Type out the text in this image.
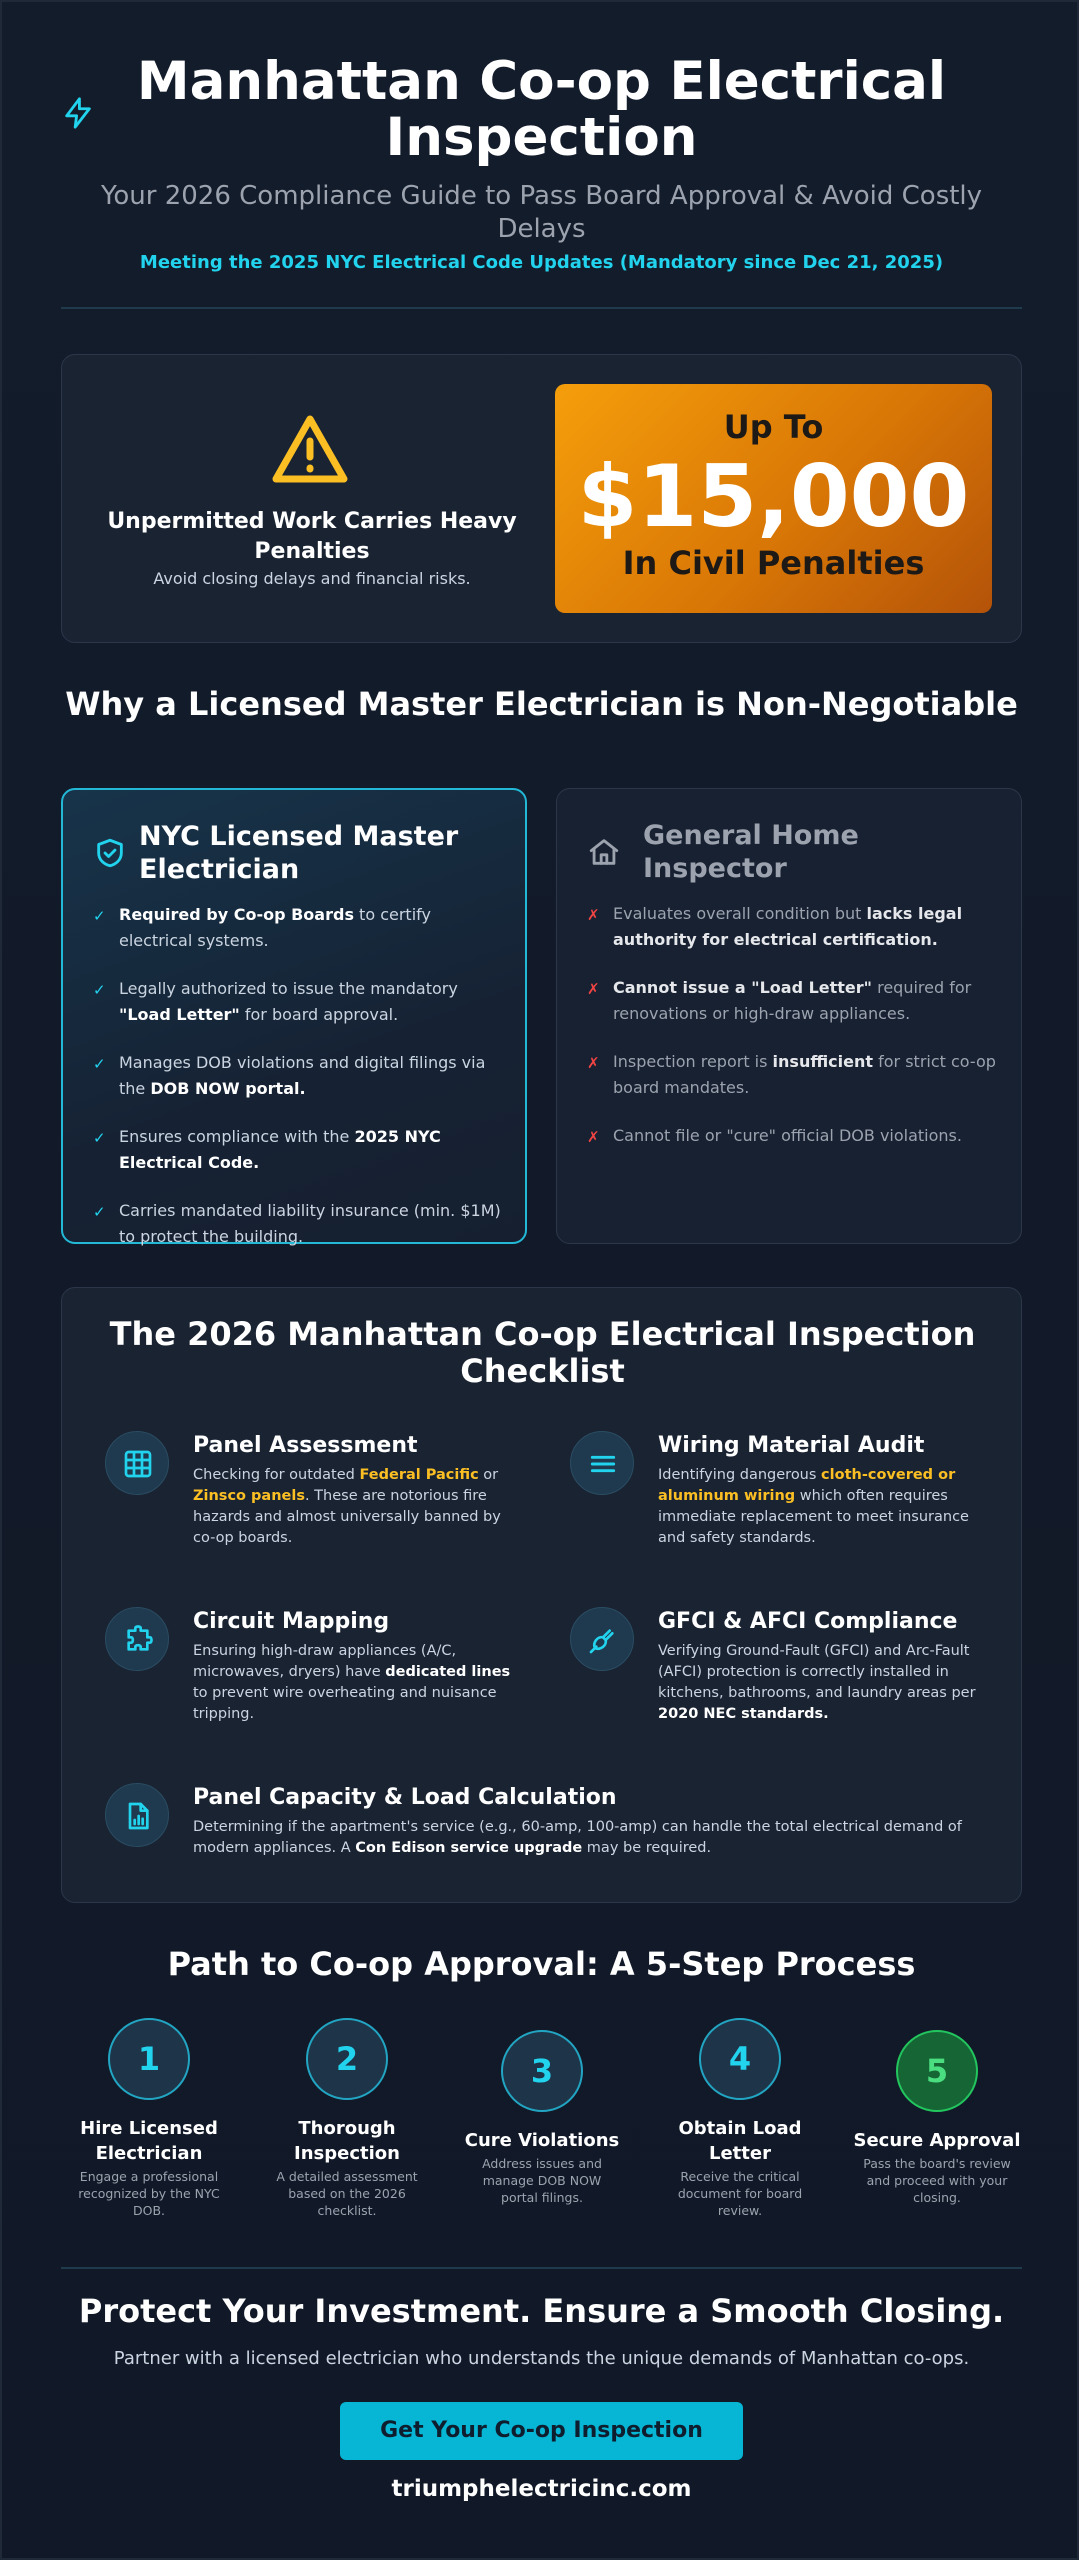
Manhattan Co-op Electrical Inspection
Your 2026 Compliance Guide to Pass Board Approval & Avoid Costly Delays
Meeting the 2025 NYC Electrical Code Updates (Mandatory since Dec 21, 2025)
Unpermitted Work Carries Heavy Penalties
Avoid closing delays and financial risks.
Up To
$15,000
In Civil Penalties
Why a Licensed Master Electrician is Non-Negotiable
NYC Licensed Master Electrician
✓ Required by Co-op Boards to certify electrical systems.
✓ Legally authorized to issue the mandatory "Load Letter" for board approval.
✓ Manages DOB violations and digital filings via the DOB NOW portal.
✓ Ensures compliance with the 2025 NYC Electrical Code.
✓ Carries mandated liability insurance (min. $1M) to protect the building.
General Home Inspector
✗ Evaluates overall condition but lacks legal authority for electrical certification.
✗ Cannot issue a "Load Letter" required for renovations or high-draw appliances.
✗ Inspection report is insufficient for strict co-op board mandates.
✗ Cannot file or "cure" official DOB violations.
The 2026 Manhattan Co-op Electrical Inspection Checklist
Panel Assessment
Checking for outdated Federal Pacific or Zinsco panels. These are notorious fire hazards and almost universally banned by co-op boards.
Wiring Material Audit
Identifying dangerous cloth-covered or aluminum wiring which often requires immediate replacement to meet insurance and safety standards.
Circuit Mapping
Ensuring high-draw appliances (A/C, microwaves, dryers) have dedicated lines to prevent wire overheating and nuisance tripping.
GFCI & AFCI Compliance
Verifying Ground-Fault (GFCI) and Arc-Fault (AFCI) protection is correctly installed in kitchens, bathrooms, and laundry areas per 2020 NEC standards.
Panel Capacity & Load Calculation
Determining if the apartment's service (e.g., 60-amp, 100-amp) can handle the total electrical demand of modern appliances. A Con Edison service upgrade may be required.
Path to Co-op Approval: A 5-Step Process
1
Hire Licensed Electrician
Engage a professional recognized by the NYC DOB.
2
Thorough Inspection
A detailed assessment based on the 2026 checklist.
3
Cure Violations
Address issues and manage DOB NOW portal filings.
4
Obtain Load Letter
Receive the critical document for board review.
5
Secure Approval
Pass the board's review and proceed with your closing.
Protect Your Investment. Ensure a Smooth Closing.
Partner with a licensed electrician who understands the unique demands of Manhattan co-ops.
Get Your Co-op Inspection
triumphelectricinc.com
